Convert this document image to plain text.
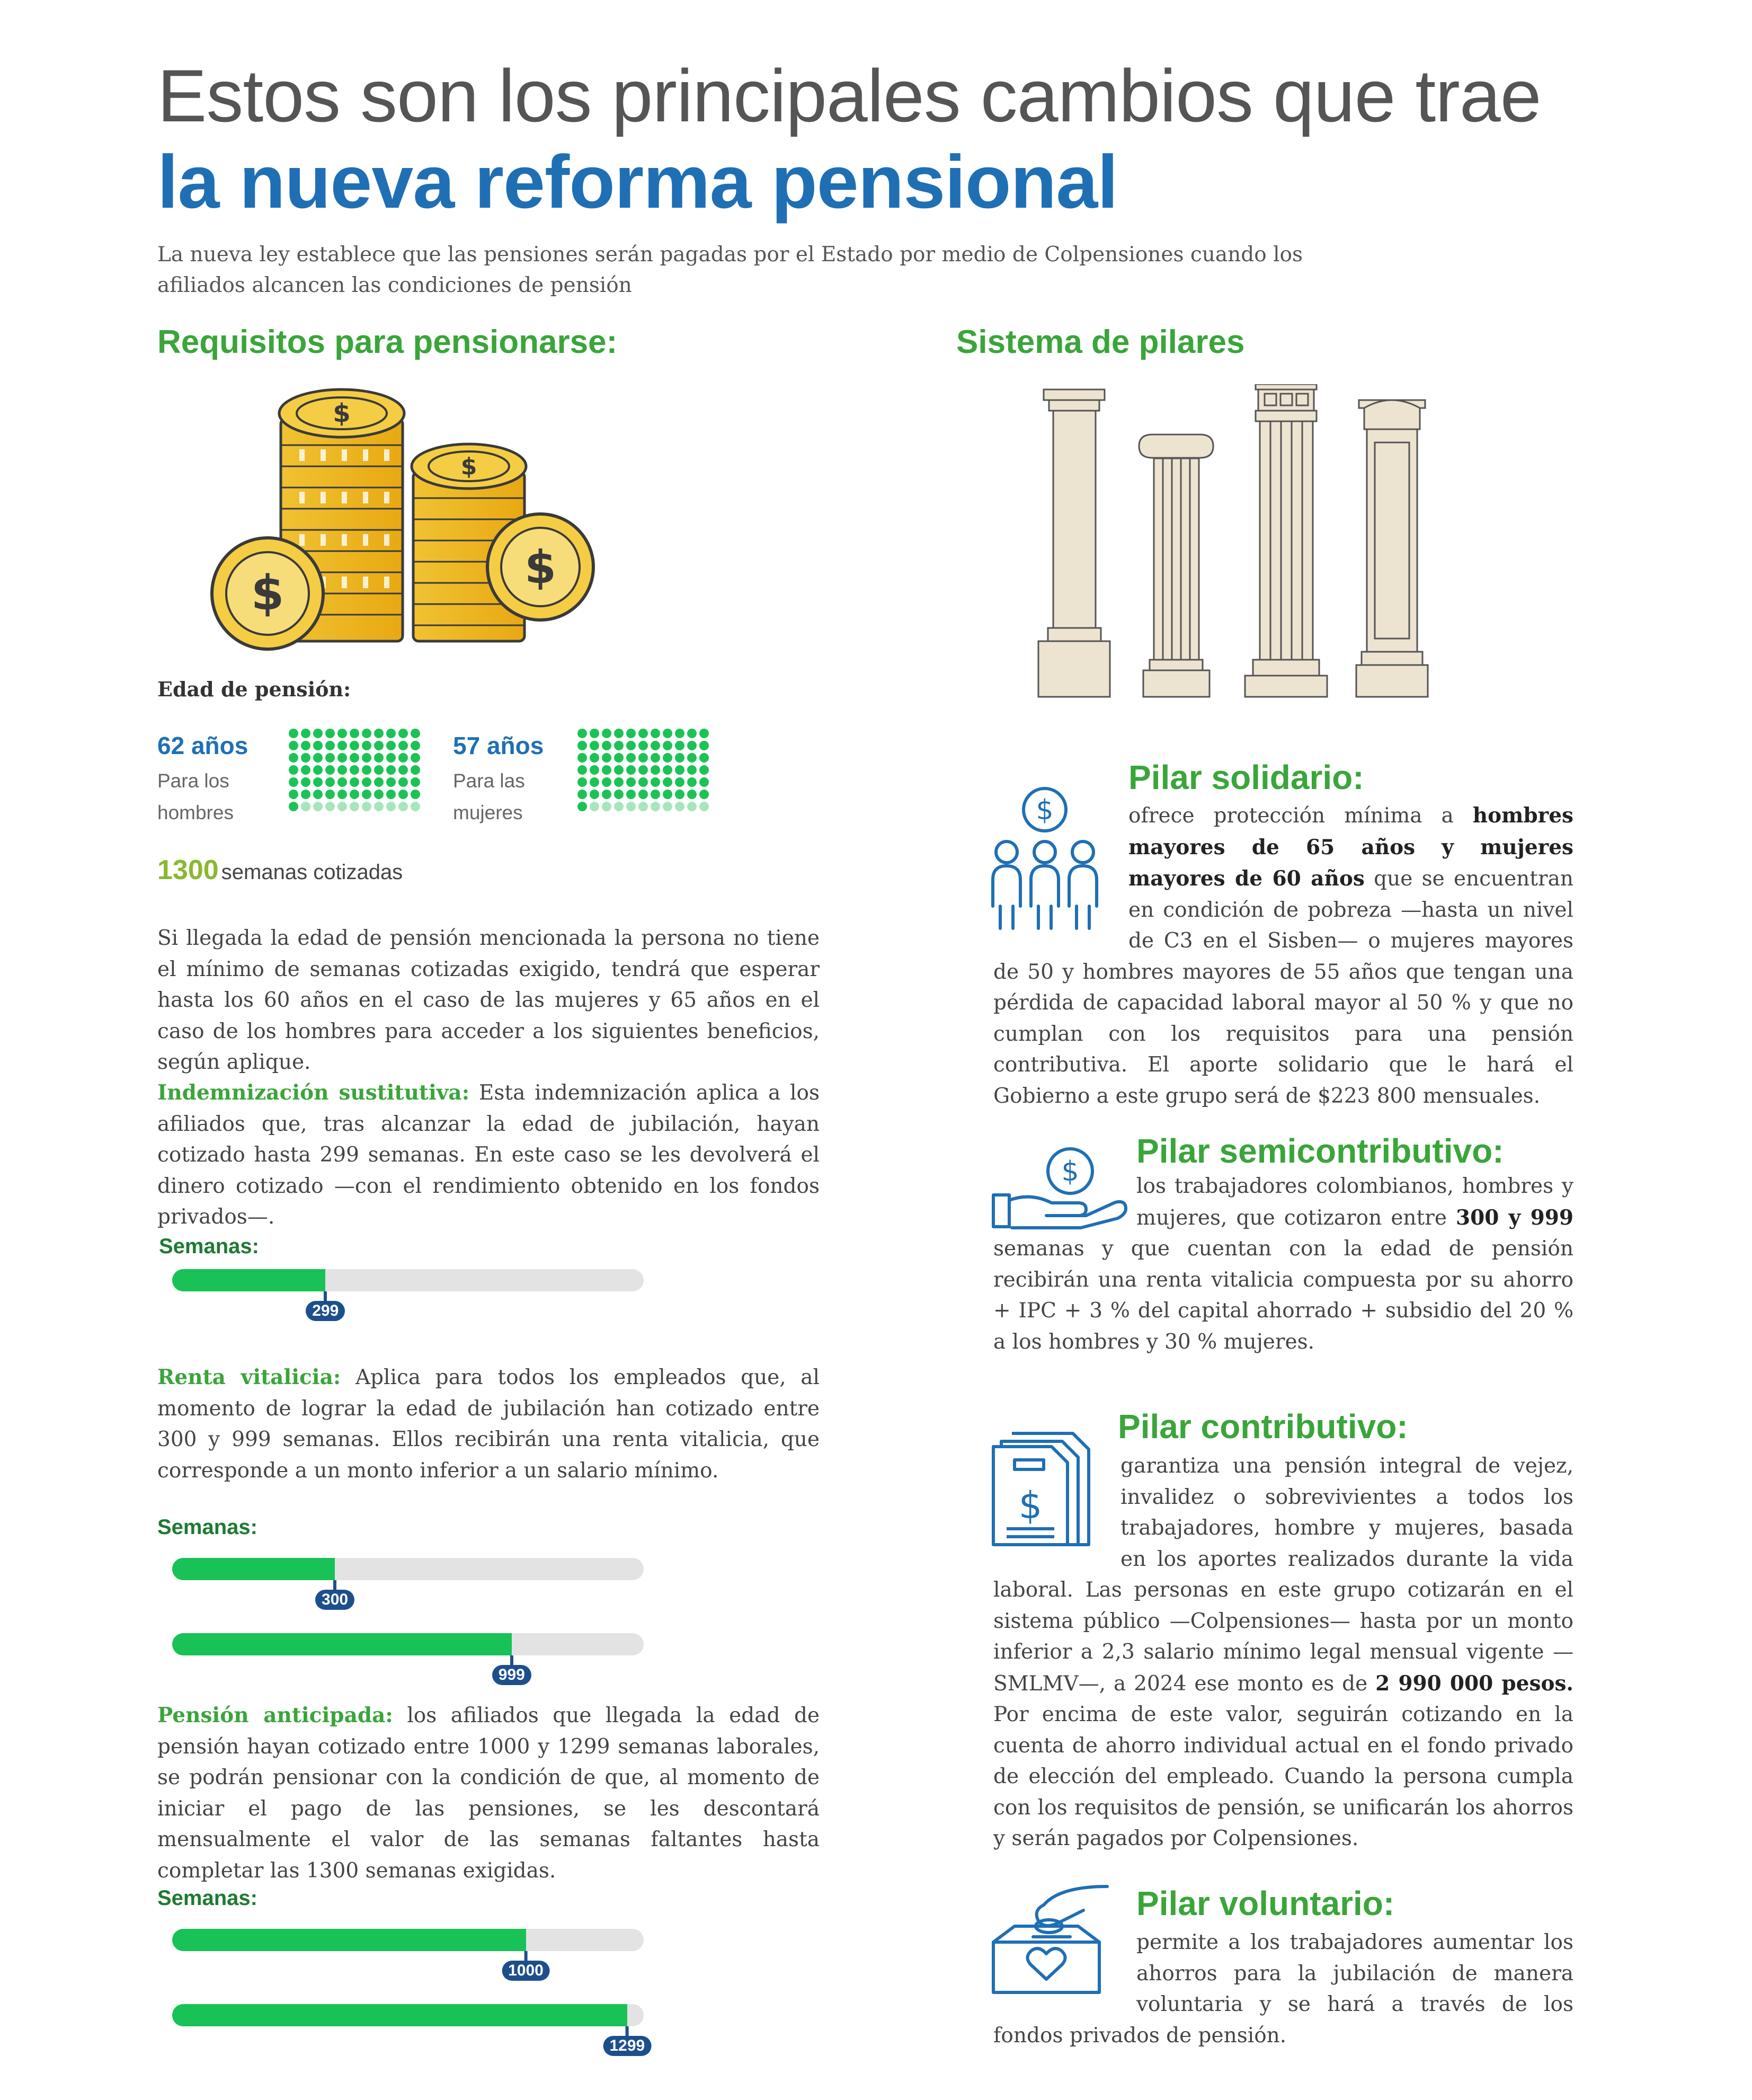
Estos son los principales cambios que trae
la nueva reforma pensional
La nueva ley establece que las pensiones serán pagadas por el Estado por medio de Colpensiones cuando los afiliados alcancen las condiciones de pensión
Requisitos para pensionarse:
$
$
$	$
Edad de pensión:
62 años
Para los
hombres
57 años
Para las
mujeres
1300 semanas cotizadas
Si llegada la edad de pensión mencionada la persona no tiene el mínimo de semanas cotizadas exigido, tendrá que esperar hasta los 60 años en el caso de las mujeres y 65 años en el caso de los hombres para acceder a los siguientes beneficios, según aplique.
Indemnización sustitutiva: Esta indemnización aplica a los afiliados que, tras alcanzar la edad de jubilación, hayan cotizado hasta 299 semanas. En este caso se les devolverá el dinero cotizado —con el rendimiento obtenido en los fondos privados—.
Semanas:
299
Renta vitalicia: Aplica para todos los empleados que, al momento de lograr la edad de jubilación han cotizado entre 300 y 999 semanas. Ellos recibirán una renta vitalicia, que corresponde a un monto inferior a un salario mínimo.
Semanas:
300
999
Pensión anticipada: los afiliados que llegada la edad de pensión hayan cotizado entre 1000 y 1299 semanas laborales, se podrán pensionar con la condición de que, al momento de iniciar el pago de las pensiones, se les descontará mensualmente el valor de las semanas faltantes hasta completar las 1300 semanas exigidas.
Semanas:
1000
1299
Sistema de pilares
$
Pilar solidario:
ofrece protección mínima a hombres mayores de 65 años y mujeres mayores de 60 años que se encuentran en condición de pobreza —hasta un nivel de C3 en el Sisben— o mujeres mayores de 50 y hombres mayores de 55 años que tengan una pérdida de capacidad laboral mayor al 50 % y que no cumplan con los requisitos para una pensión contributiva. El aporte solidario que le hará el Gobierno a este grupo será de $223 800 mensuales.
$
Pilar semicontributivo:
los trabajadores colombianos, hombres y mujeres, que cotizaron entre 300 y 999 semanas y que cuentan con la edad de pensión recibirán una renta vitalicia compuesta por su ahorro + IPC + 3 % del capital ahorrado + subsidio del 20 % a los hombres y 30 % mujeres.
$
Pilar contributivo:
garantiza una pensión integral de vejez, invalidez o sobrevivientes a todos los trabajadores, hombre y mujeres, basada en los aportes realizados durante la vida laboral. Las personas en este grupo cotizarán en el sistema público —Colpensiones— hasta por un monto inferior a 2,3 salario mínimo legal mensual vigente —SMLMV—, a 2024 ese monto es de 2 990 000 pesos. Por encima de este valor, seguirán cotizando en la cuenta de ahorro individual actual en el fondo privado de elección del empleado. Cuando la persona cumpla con los requisitos de pensión, se unificarán los ahorros y serán pagados por Colpensiones.
Pilar voluntario:
permite a los trabajadores aumentar los ahorros para la jubilación de manera voluntaria y se hará a través de los fondos privados de pensión.
